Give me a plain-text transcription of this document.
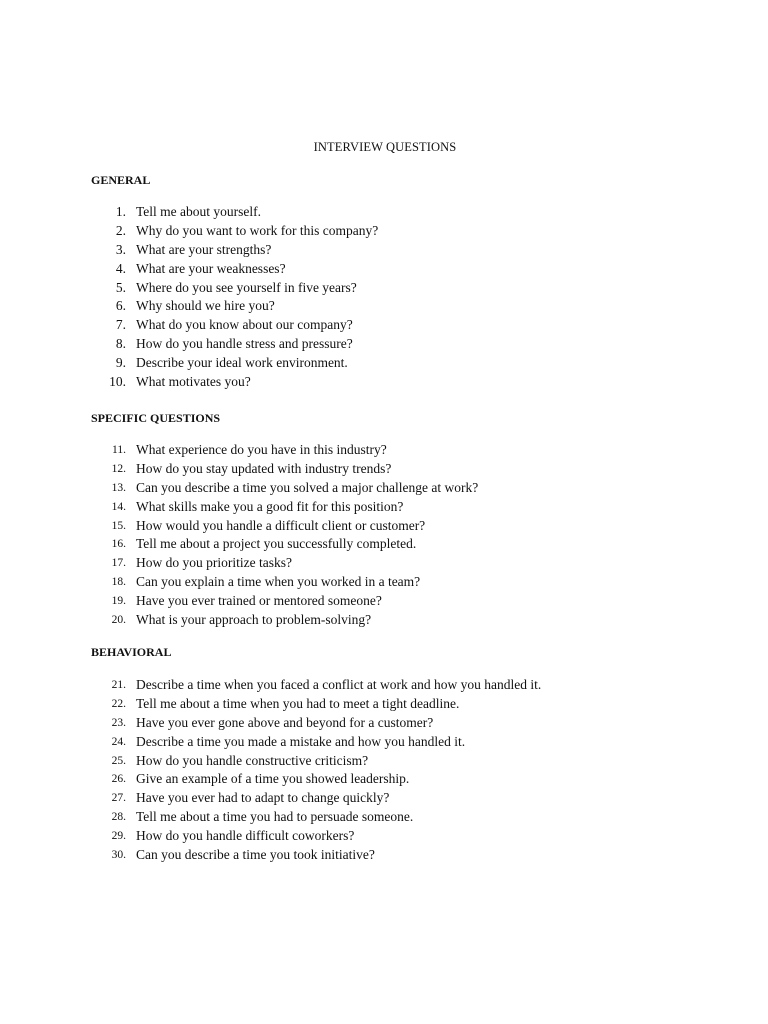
INTERVIEW QUESTIONS
GENERAL
1. Tell me about yourself.
2. Why do you want to work for this company?
3. What are your strengths?
4. What are your weaknesses?
5. Where do you see yourself in five years?
6. Why should we hire you?
7. What do you know about our company?
8. How do you handle stress and pressure?
9. Describe your ideal work environment.
10. What motivates you?
SPECIFIC QUESTIONS
11. What experience do you have in this industry?
12. How do you stay updated with industry trends?
13. Can you describe a time you solved a major challenge at work?
14. What skills make you a good fit for this position?
15. How would you handle a difficult client or customer?
16. Tell me about a project you successfully completed.
17. How do you prioritize tasks?
18. Can you explain a time when you worked in a team?
19. Have you ever trained or mentored someone?
20. What is your approach to problem-solving?
BEHAVIORAL
21. Describe a time when you faced a conflict at work and how you handled it.
22. Tell me about a time when you had to meet a tight deadline.
23. Have you ever gone above and beyond for a customer?
24. Describe a time you made a mistake and how you handled it.
25. How do you handle constructive criticism?
26. Give an example of a time you showed leadership.
27. Have you ever had to adapt to change quickly?
28. Tell me about a time you had to persuade someone.
29. How do you handle difficult coworkers?
30. Can you describe a time you took initiative?
